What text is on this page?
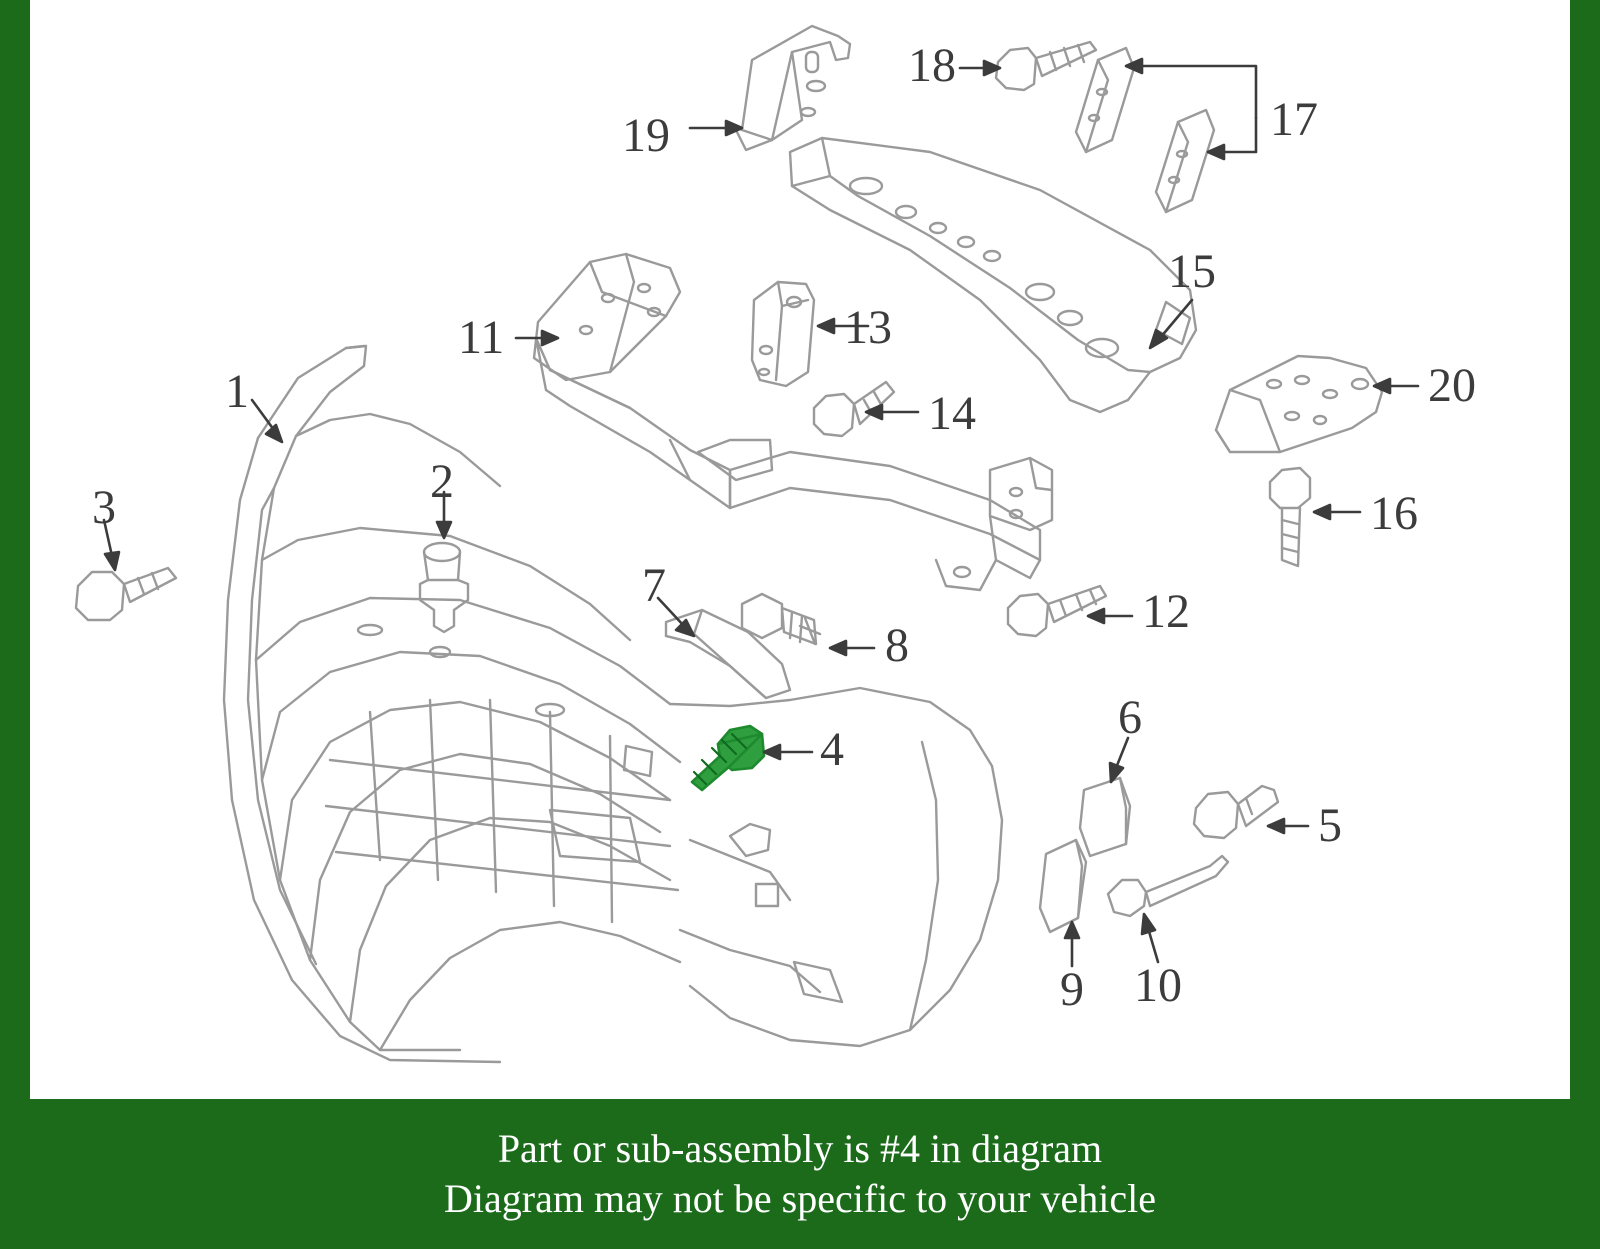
1
2
3
4
5
6
7
8
9 10
11
12
13
14
15
16
17
18
19
20
Part or sub-assembly is #4 in diagram
Diagram may not be specific to your vehicle
